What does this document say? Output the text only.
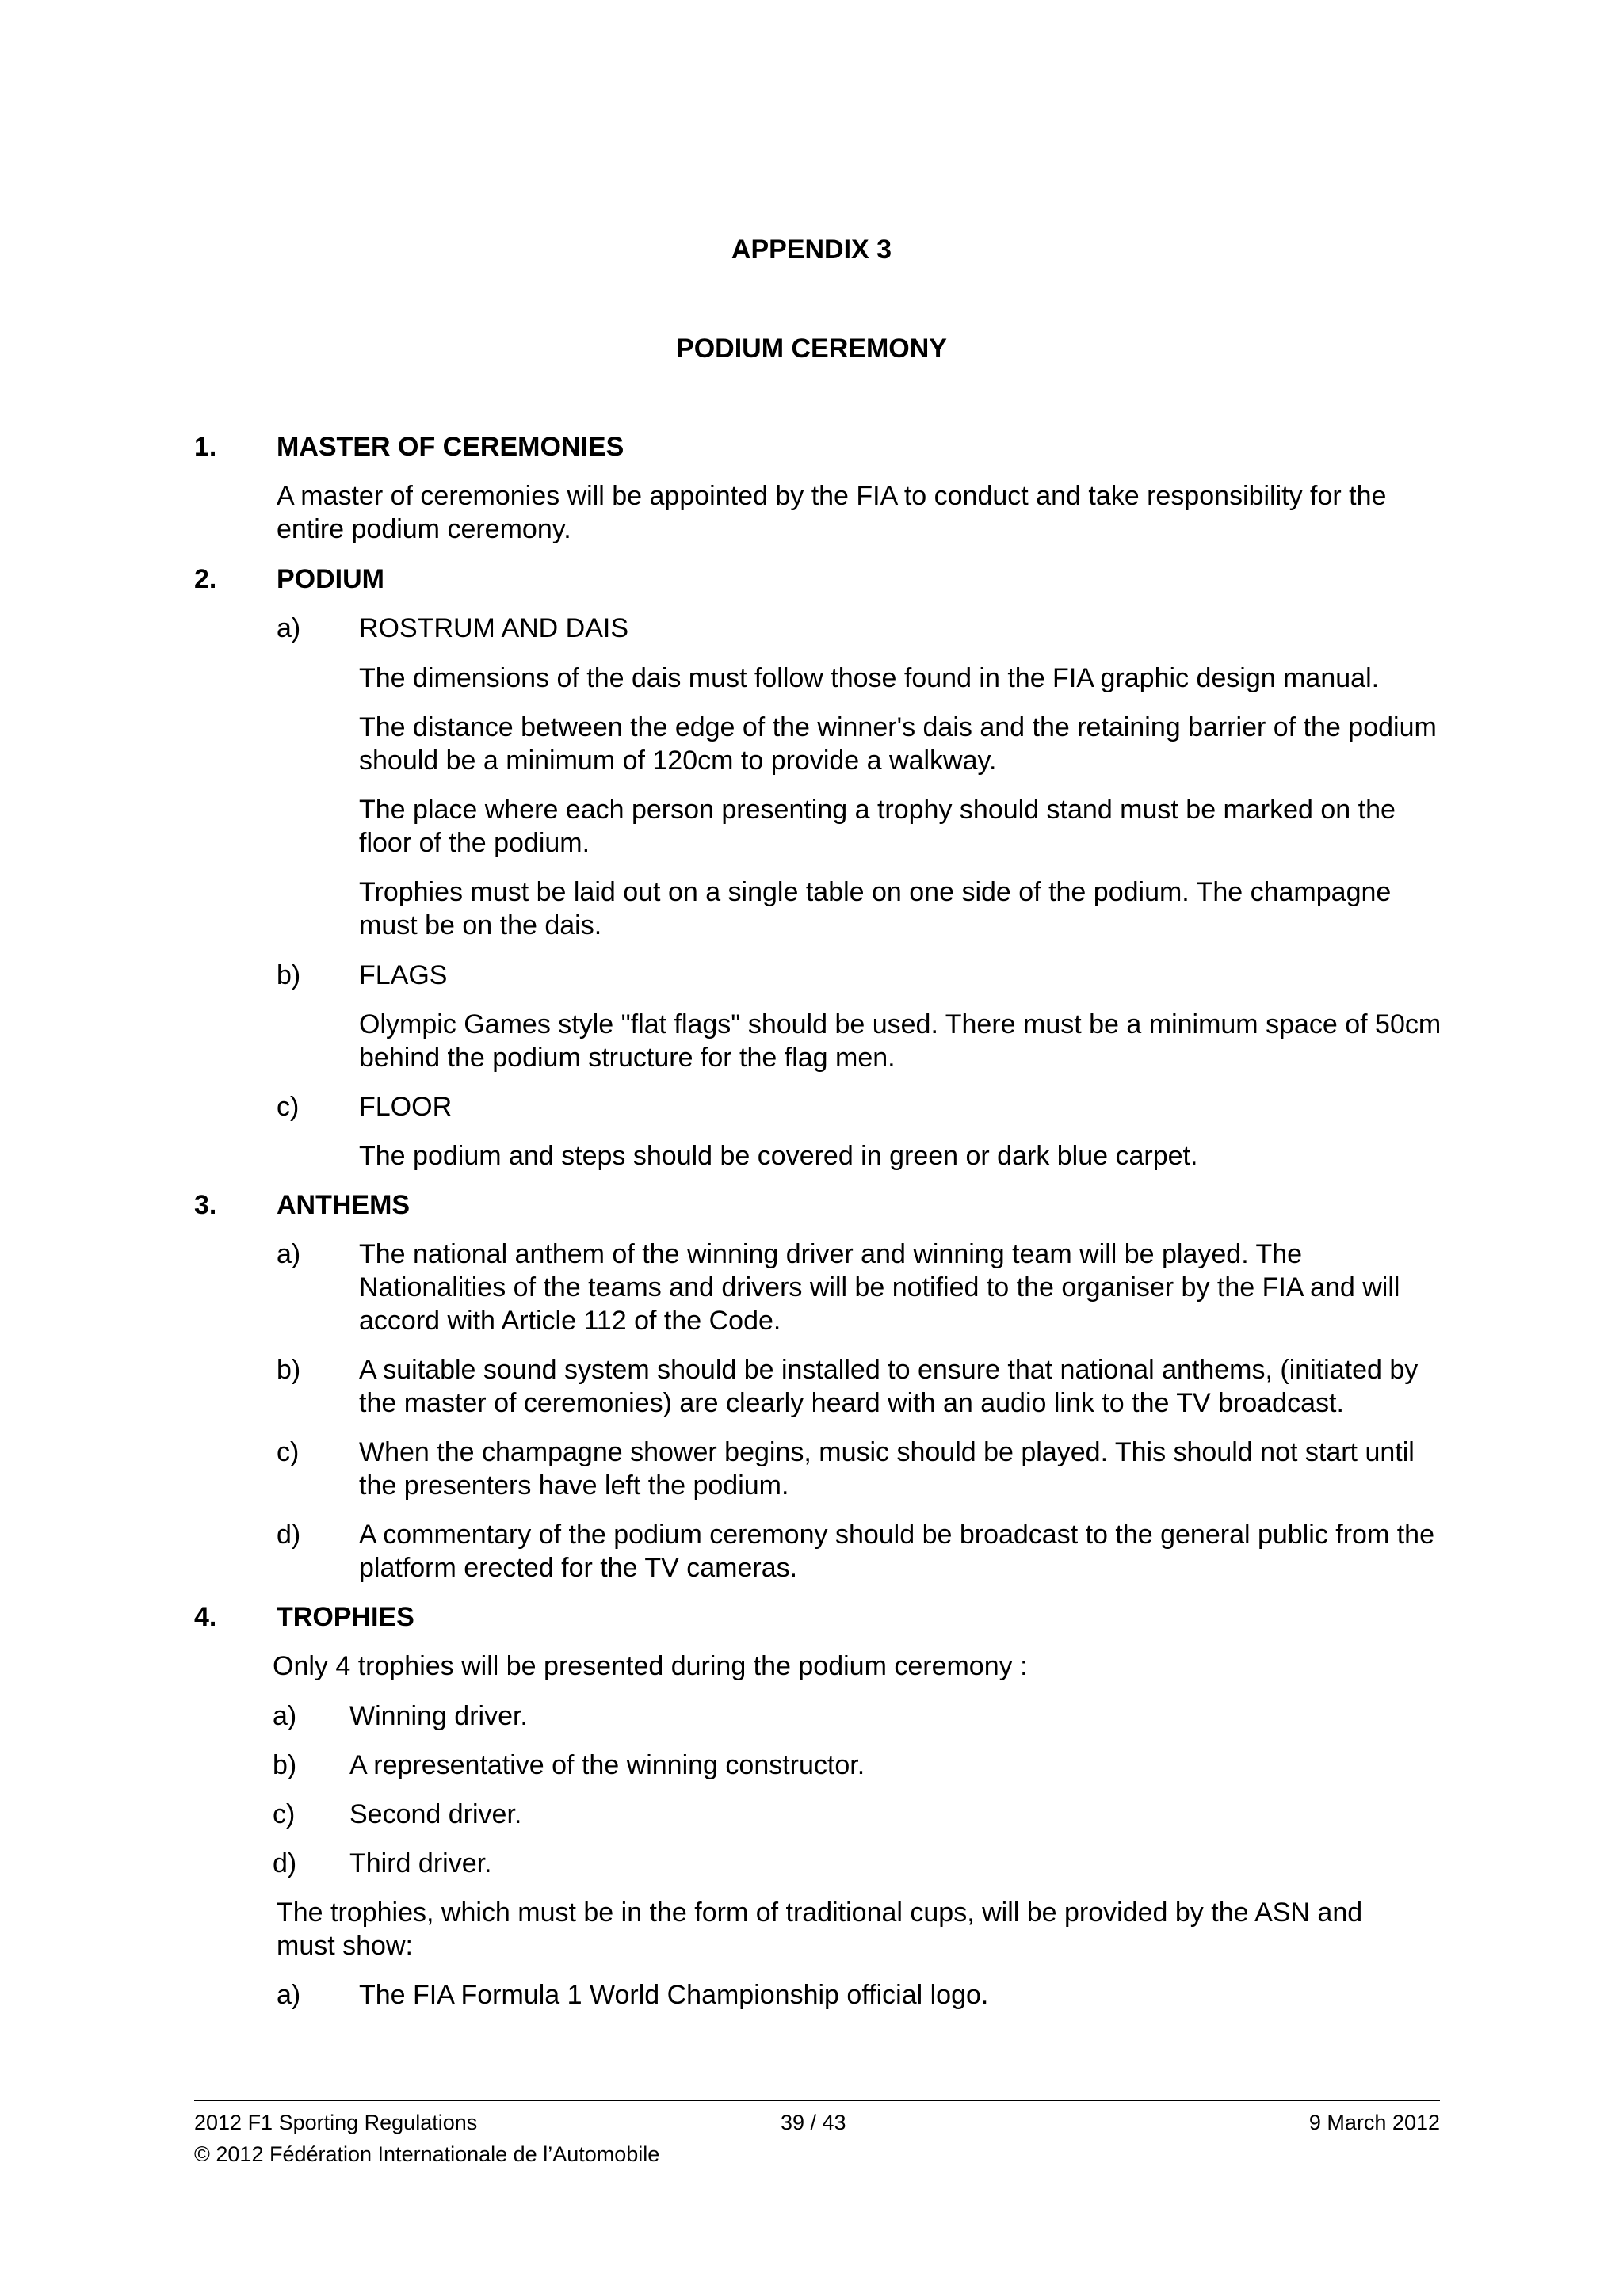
APPENDIX 3
PODIUM CEREMONY
1. MASTER OF CEREMONIES
A master of ceremonies will be appointed by the FIA to conduct and take responsibility for the entire podium ceremony.
2. PODIUM
a) ROSTRUM AND DAIS
The dimensions of the dais must follow those found in the FIA graphic design manual.
The distance between the edge of the winner's dais and the retaining barrier of the podium should be a minimum of 120cm to provide a walkway.
The place where each person presenting a trophy should stand must be marked on the floor of the podium.
Trophies must be laid out on a single table on one side of the podium. The champagne must be on the dais.
b) FLAGS
Olympic Games style "flat flags" should be used. There must be a minimum space of 50cm behind the podium structure for the flag men.
c) FLOOR
The podium and steps should be covered in green or dark blue carpet.
3. ANTHEMS
a) The national anthem of the winning driver and winning team will be played. The Nationalities of the teams and drivers will be notified to the organiser by the FIA and will accord with Article 112 of the Code.
b) A suitable sound system should be installed to ensure that national anthems, (initiated by the master of ceremonies) are clearly heard with an audio link to the TV broadcast.
c) When the champagne shower begins, music should be played. This should not start until the presenters have left the podium.
d) A commentary of the podium ceremony should be broadcast to the general public from the platform erected for the TV cameras.
4. TROPHIES
Only 4 trophies will be presented during the podium ceremony :
a) Winning driver.
b) A representative of the winning constructor.
c) Second driver.
d) Third driver.
The trophies, which must be in the form of traditional cups, will be provided by the ASN and must show:
a) The FIA Formula 1 World Championship official logo.
2012 F1 Sporting Regulations	39 / 43	9 March 2012
© 2012 Fédération Internationale de l’Automobile
